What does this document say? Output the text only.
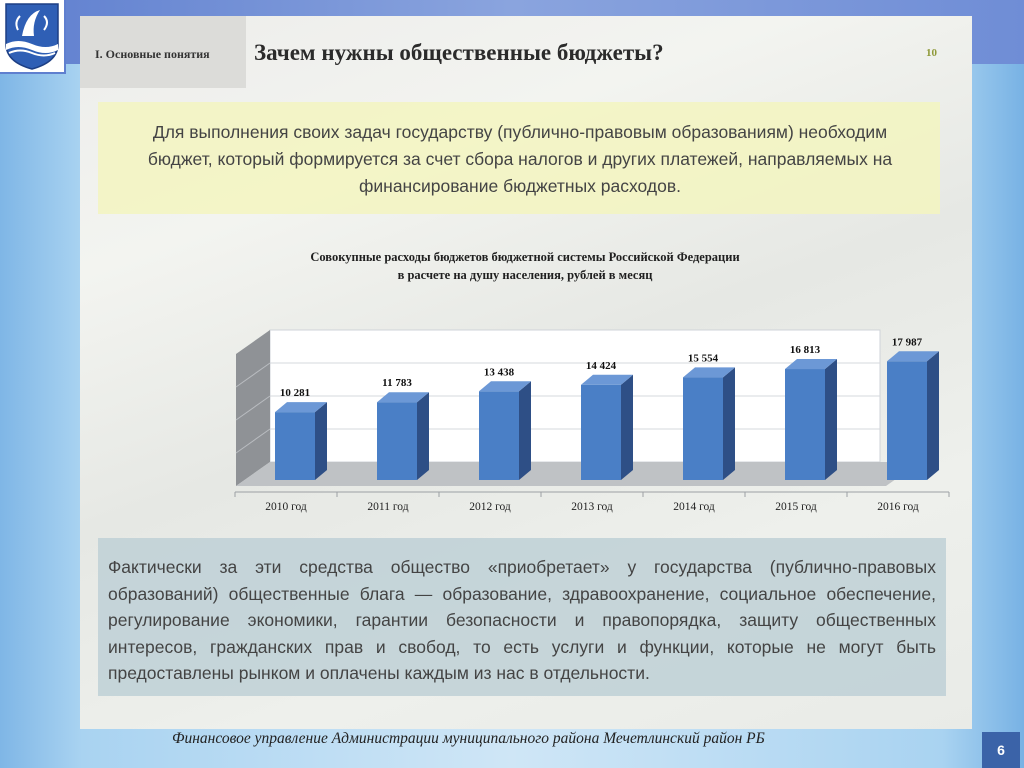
I. Основные понятия Зачем нужны общественные бюджеты?	10
Для выполнения своих задач государству (публично-правовым образованиям) необходим бюджет, который формируется за счет сбора налогов и других платежей, направляемых на финансирование бюджетных расходов.
Совокупные расходы бюджетов бюджетной системы Российской Федерации
в расчете на душу населения, рублей в месяц
10 281
11 783
13 438
14 424
15 554
16 813
17 987
2010 год	2011 год	2012 год	2013 год	2014 год	2015 год	2016 год
Фактически за эти средства общество «приобретает» у государства (публично-правовых образований) общественные блага — образование, здравоохранение, социальное обеспечение, регулирование экономики, гарантии безопасности и правопорядка, защиту общественных интересов, гражданских прав и свобод, то есть услуги и функции, которые не могут быть предоставлены рынком и оплачены каждым из нас в отдельности.
Финансовое управление Администрации муниципального района Мечетлинский район РБ
6
